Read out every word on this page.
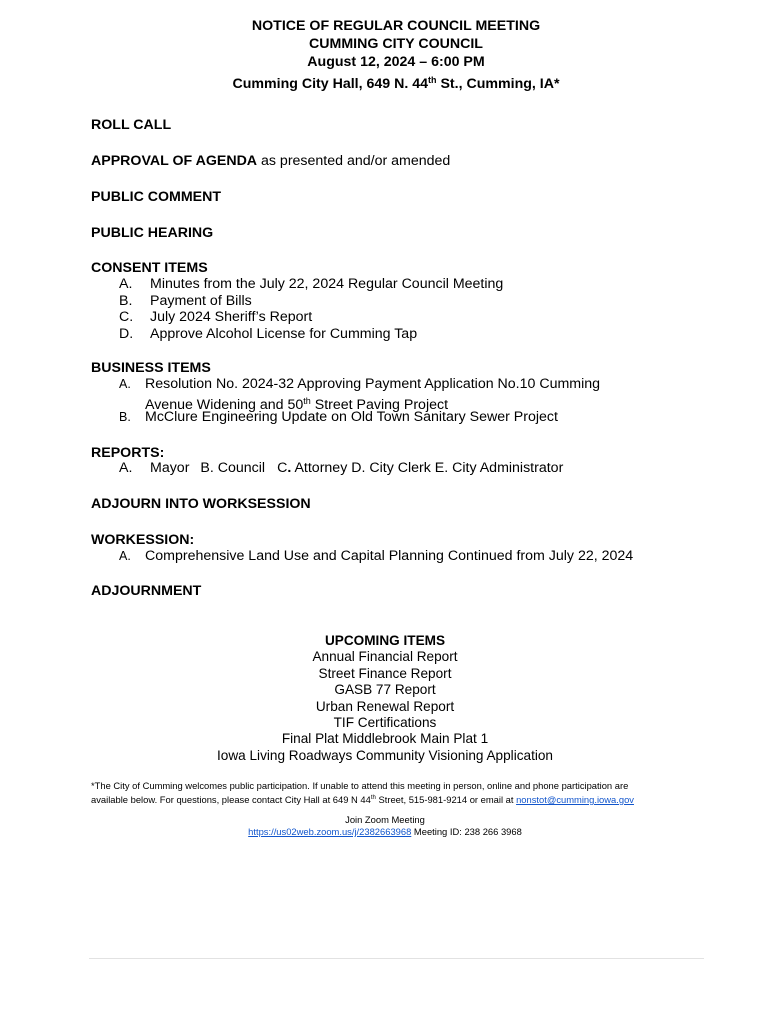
NOTICE OF REGULAR COUNCIL MEETING
CUMMING CITY COUNCIL
August 12, 2024 – 6:00 PM
Cumming City Hall, 649 N. 44th St., Cumming, IA*
ROLL CALL
APPROVAL OF AGENDA as presented and/or amended
PUBLIC COMMENT
PUBLIC HEARING
CONSENT ITEMS
A. Minutes from the July 22, 2024 Regular Council Meeting
B. Payment of Bills
C. July 2024 Sheriff’s Report
D. Approve Alcohol License for Cumming Tap
BUSINESS ITEMS
A. Resolution No. 2024-32 Approving Payment Application No.10 Cumming
Avenue Widening and 50th Street Paving Project
B. McClure Engineering Update on Old Town Sanitary Sewer Project
REPORTS:
A. Mayor B. Council C. Attorney D. City Clerk E. City Administrator
ADJOURN INTO WORKSESSION
WORKESSION:
A. Comprehensive Land Use and Capital Planning Continued from July 22, 2024
ADJOURNMENT
UPCOMING ITEMS
Annual Financial Report
Street Finance Report
GASB 77 Report
Urban Renewal Report
TIF Certifications
Final Plat Middlebrook Main Plat 1
Iowa Living Roadways Community Visioning Application
*The City of Cumming welcomes public participation. If unable to attend this meeting in person, online and phone participation are
available below. For questions, please contact City Hall at 649 N 44th Street, 515-981-9214 or email at nonstot@cumming.iowa.gov
Join Zoom Meeting
https://us02web.zoom.us/j/2382663968 Meeting ID: 238 266 3968
